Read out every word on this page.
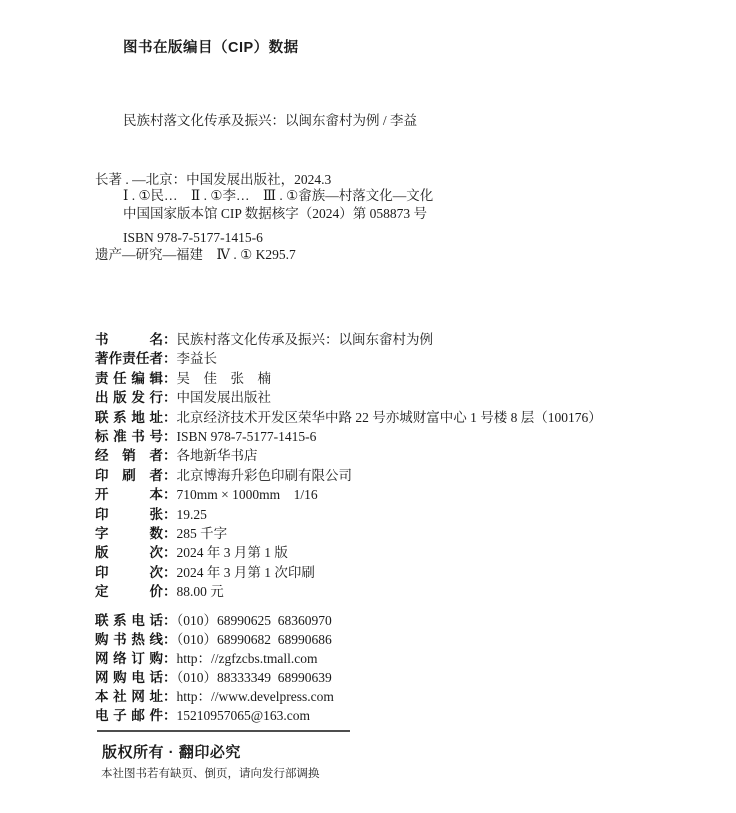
图书在版编目（CIP）数据

民族村落文化传承及振兴：以闽东畲村为例 / 李益

长著 . —北京：中国发展出版社，2024.3

ISBN 978-7-5177-1415-6

Ⅰ . ①民…　Ⅱ . ①李…　Ⅲ . ①畲族—村落文化—文化

遗产—研究—福建　Ⅳ . ① K295.7

中国国家版本馆 CIP 数据核字（2024）第 058873 号
书名：民族村落文化传承及振兴：以闽东畲村为例
著作责任者：李益长
责任编辑：吴　佳　张　楠
出版发行：中国发展出版社
联系地址：北京经济技术开发区荣华中路 22 号亦城财富中心 1 号楼 8 层（100176）
标准书号：ISBN 978-7-5177-1415-6
经销者：各地新华书店
印刷者：北京博海升彩色印刷有限公司
开本：710mm × 1000mm　1/16
印张：19.25
字数：285 千字
版次：2024 年 3 月第 1 版
印次：2024 年 3 月第 1 次印刷
定价：88.00 元
联系电话：（010）68990625  68360970
购书热线：（010）68990682  68990686
网络订购：http：//zgfzcbs.tmall.com
网购电话：（010）88333349  68990639
本社网址：http：//www.develpress.com
电子邮件：15210957065@163.com
版权所有 · 翻印必究
本社图书若有缺页、倒页，请向发行部调换
